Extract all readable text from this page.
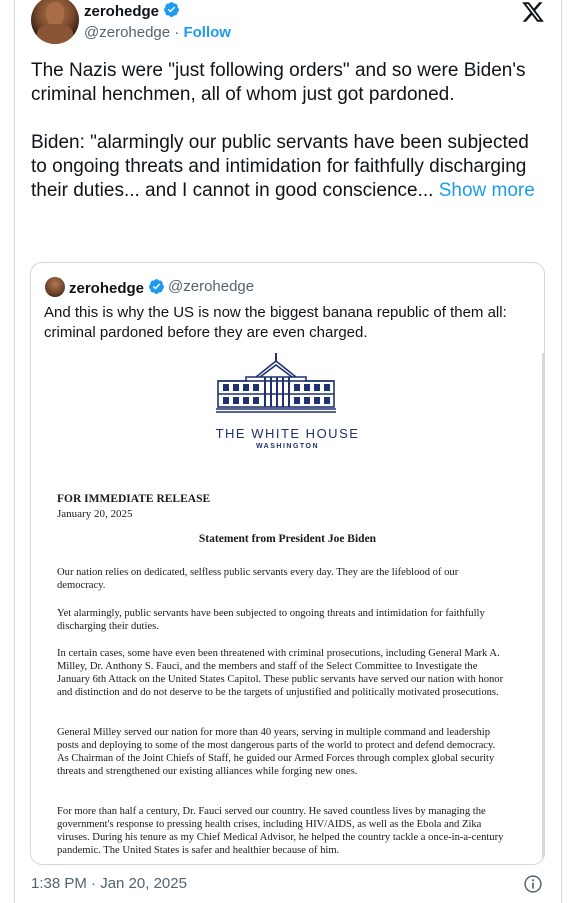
zerohedge
@zerohedge · Follow
The Nazis were "just following orders" and so were Biden's criminal henchmen, all of whom just got pardoned.

Biden: "alarmingly our public servants have been subjected to ongoing threats and intimidation for faithfully discharging their duties... and I cannot in good conscience... Show more
zerohedge	@zerohedge
And this is why the US is now the biggest banana republic of them all: criminal pardoned before they are even charged.
THE WHITE HOUSE
WASHINGTON
FOR IMMEDIATE RELEASE
January 20, 2025
Statement from President Joe Biden
Our nation relies on dedicated, selfless public servants every day. They are the lifeblood of our democracy.
Yet alarmingly, public servants have been subjected to ongoing threats and intimidation for faithfully discharging their duties.
In certain cases, some have even been threatened with criminal prosecutions, including General Mark A. Milley, Dr. Anthony S. Fauci, and the members and staff of the Select Committee to Investigate the January 6th Attack on the United States Capitol. These public servants have served our nation with honor and distinction and do not deserve to be the targets of unjustified and politically motivated prosecutions.
General Milley served our nation for more than 40 years, serving in multiple command and leadership posts and deploying to some of the most dangerous parts of the world to protect and defend democracy. As Chairman of the Joint Chiefs of Staff, he guided our Armed Forces through complex global security threats and strengthened our existing alliances while forging new ones.
For more than half a century, Dr. Fauci served our country. He saved countless lives by managing the government's response to pressing health crises, including HIV/AIDS, as well as the Ebola and Zika viruses. During his tenure as my Chief Medical Advisor, he helped the country tackle a once-in-a-century pandemic. The United States is safer and healthier because of him.
1:38 PM · Jan 20, 2025
